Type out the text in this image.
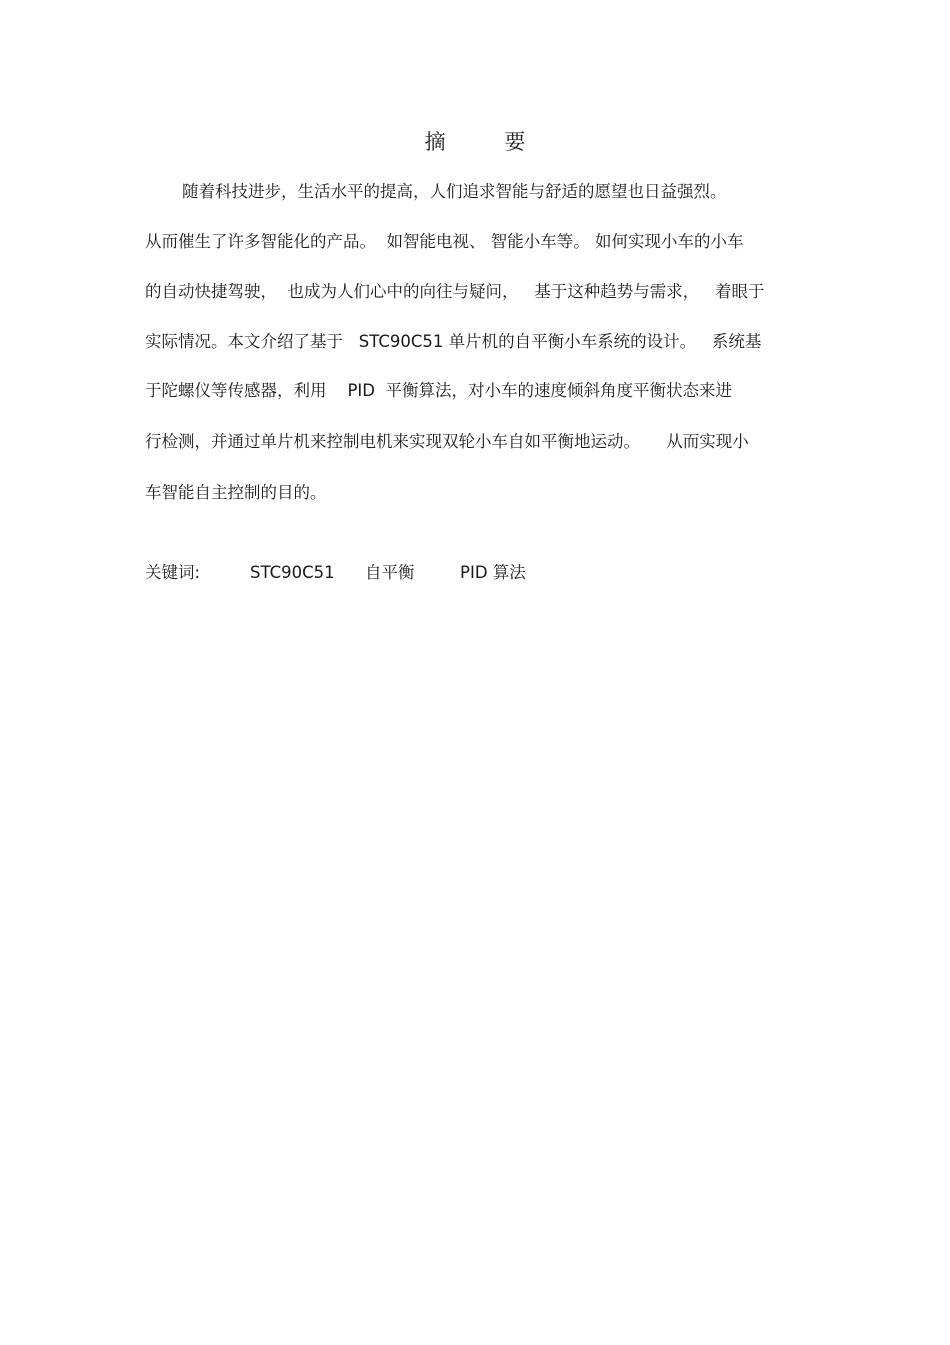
摘 要
随着科技进步，生活水平的提高，人们追求智能与舒适的愿望也日益强烈。
从而催生了许多智能化的产品。  如智能电视、 智能小车等。 如何实现小车的小车
的自动快捷驾驶，  也成为人们心中的向往与疑问，   基于这种趋势与需求，   着眼于
实际情况。本文介绍了基于   STC90C51 单片机的自平衡小车系统的设计。   系统基
于陀螺仪等传感器，利用    PID  平衡算法，对小车的速度倾斜角度平衡状态来进
行检测，并通过单片机来控制电机来实现双轮小车自如平衡地运动。     从而实现小
车智能自主控制的目的。
关键词:	STC90C51 自平衡	PID 算法
